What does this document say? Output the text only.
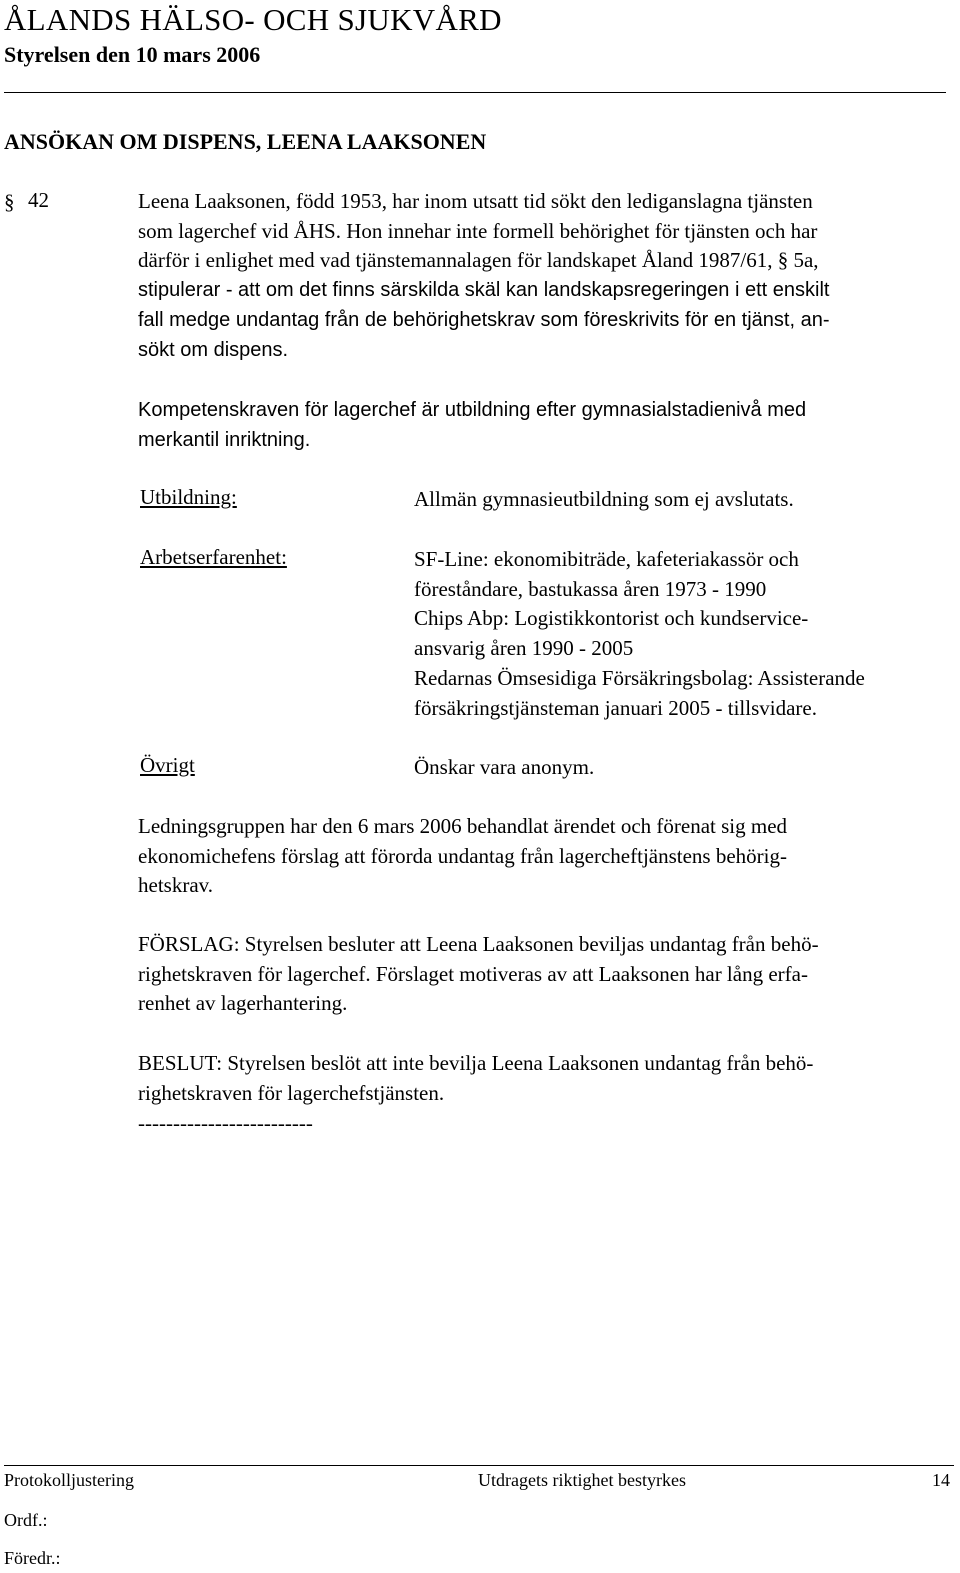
ÅLANDS HÄLSO- OCH SJUKVÅRD
Styrelsen den 10 mars 2006
ANSÖKAN OM DISPENS, LEENA LAAKSONEN
§ 42	Leena Laaksonen, född 1953, har inom utsatt tid sökt den lediganslagna tjänsten
som lagerchef vid ÅHS. Hon innehar inte formell behörighet för tjänsten och har
därför i enlighet med vad tjänstemannalagen för landskapet Åland 1987/61, § 5a,
stipulerar - att om det finns särskilda skäl kan landskapsregeringen i ett enskilt
fall medge undantag från de behörighetskrav som föreskrivits för en tjänst, an-
sökt om dispens.
Kompetenskraven för lagerchef är utbildning efter gymnasialstadienivå med
merkantil inriktning.
Utbildning:	Allmän gymnasieutbildning som ej avslutats.
Arbetserfarenhet:	SF-Line: ekonomibiträde, kafeteriakassör och
föreståndare, bastukassa åren 1973 - 1990
Chips Abp: Logistikkontorist och kundservice-
ansvarig åren 1990 - 2005
Redarnas Ömsesidiga Försäkringsbolag: Assisterande
försäkringstjänsteman januari 2005 - tillsvidare.
Övrigt	Önskar vara anonym.
Ledningsgruppen har den 6 mars 2006 behandlat ärendet och förenat sig med
ekonomichefens förslag att förorda undantag från lagercheftjänstens behörig-
hetskrav.
FÖRSLAG: Styrelsen besluter att Leena Laaksonen beviljas undantag från behö-
righetskraven för lagerchef. Förslaget motiveras av att Laaksonen har lång erfa-
renhet av lagerhantering.
BESLUT: Styrelsen beslöt att inte bevilja Leena Laaksonen undantag från behö-
righetskraven för lagerchefstjänsten.
-------------------------
Protokolljustering	Utdragets riktighet bestyrkes	14
Ordf.:
Föredr.:
